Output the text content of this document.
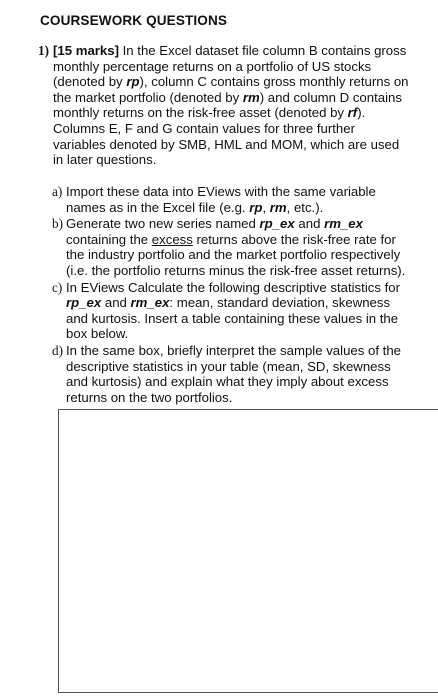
COURSEWORK QUESTIONS
1) [15 marks] In the Excel dataset file column B contains gross
monthly percentage returns on a portfolio of US stocks
(denoted by rp), column C contains gross monthly returns on
the market portfolio (denoted by rm) and column D contains
monthly returns on the risk-free asset (denoted by rf).
Columns E, F and G contain values for three further
variables denoted by SMB, HML and MOM, which are used
in later questions.
a) Import these data into EViews with the same variable
names as in the Excel file (e.g. rp, rm, etc.).
b) Generate two new series named rp_ex and rm_ex
containing the excess returns above the risk-free rate for
the industry portfolio and the market portfolio respectively
(i.e. the portfolio returns minus the risk-free asset returns).
c) In EViews Calculate the following descriptive statistics for
rp_ex and rm_ex: mean, standard deviation, skewness
and kurtosis. Insert a table containing these values in the
box below.
d) In the same box, briefly interpret the sample values of the
descriptive statistics in your table (mean, SD, skewness
and kurtosis) and explain what they imply about excess
returns on the two portfolios.
